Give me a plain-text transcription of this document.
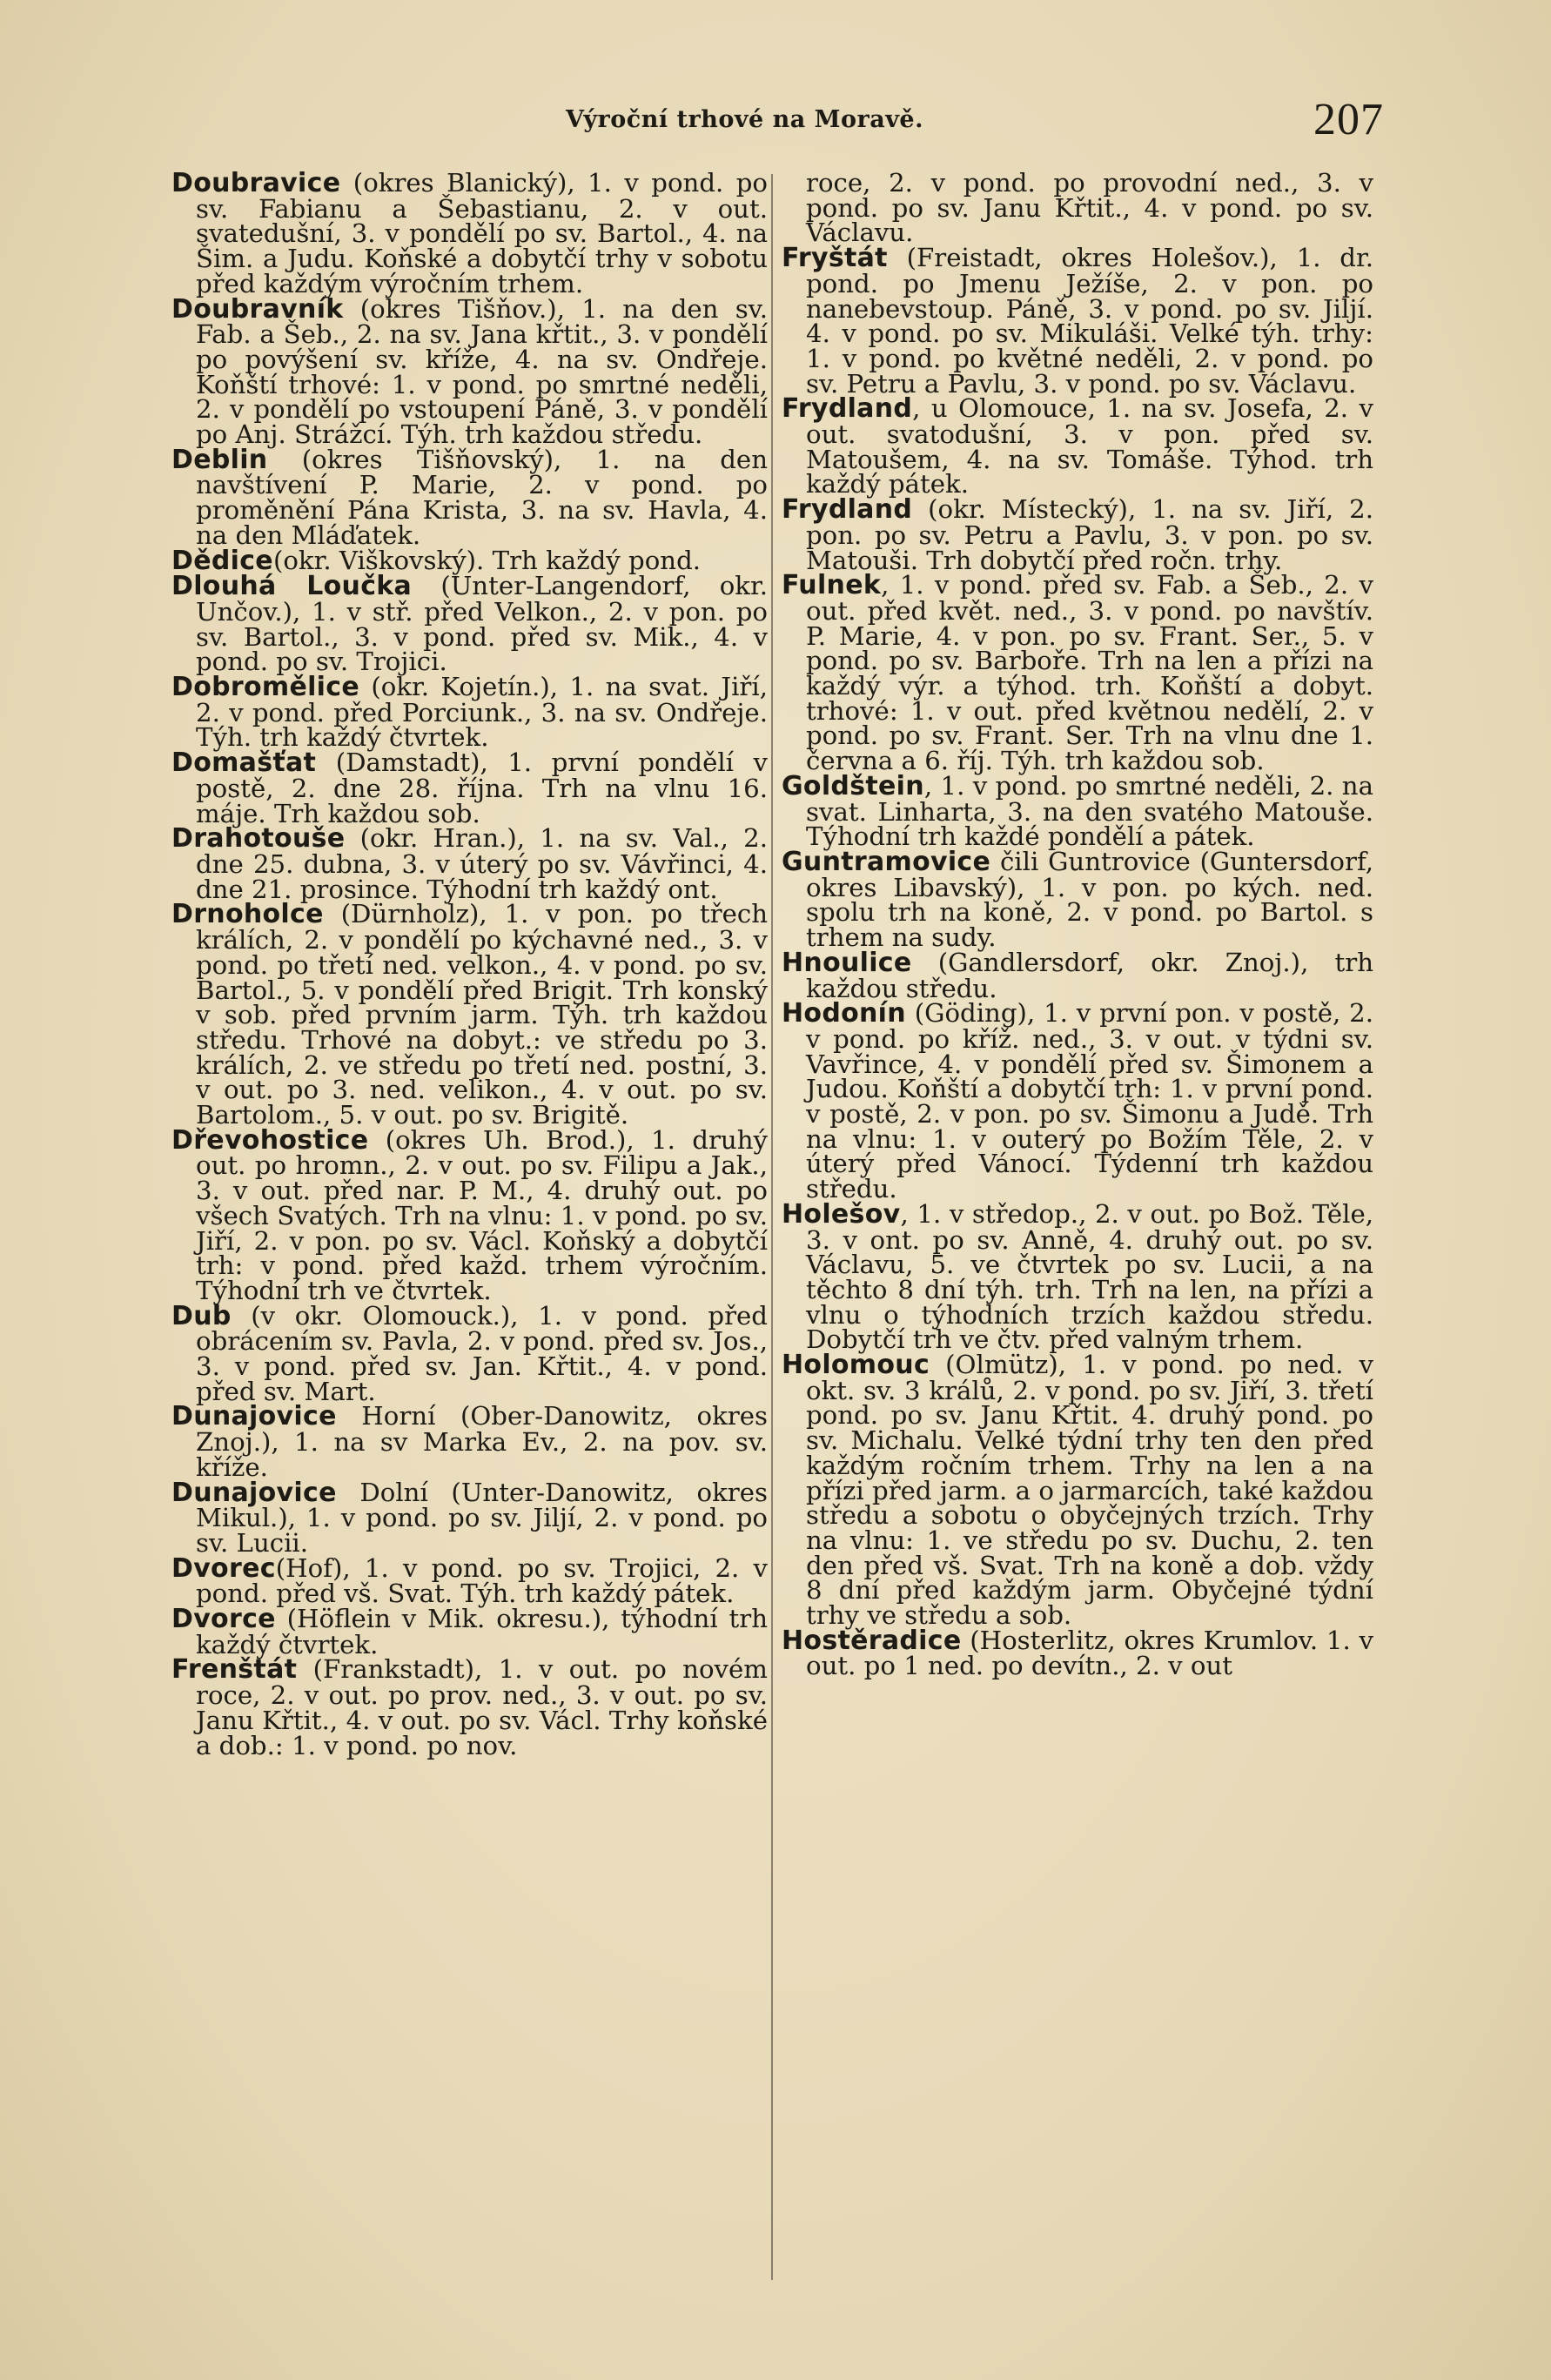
Výroční trhové na Moravě.	207

Doubravice (okres Blanický), 1. v pond. po sv. Fabianu a Šebastianu, 2. v out. svatedušní, 3. v pondělí po sv. Bartol., 4. na Šim. a Judu. Koňské a dobytčí trhy v sobotu před každým výročním trhem.

Doubravník (okres Tišňov.), 1. na den sv. Fab. a Šeb., 2. na sv. Jana křtit., 3. v pondělí po povýšení sv. kříže, 4. na sv. Ondřeje. Koňští trhové: 1. v pond. po smrtné neděli, 2. v pondělí po vstoupení Páně, 3. v pondělí po Anj. Strážcí. Týh. trh každou středu.

Deblin (okres Tišňovský), 1. na den navštívení P. Marie, 2. v pond. po proměnění Pána Krista, 3. na sv. Havla, 4. na den Mláďatek.

Dědice(okr. Viškovský). Trh každý pond.

Dlouhá Loučka (Unter-Langendorf, okr. Unčov.), 1. v stř. před Velkon., 2. v pon. po sv. Bartol., 3. v pond. před sv. Mik., 4. v pond. po sv. Trojici.

Dobromělice (okr. Kojetín.), 1. na svat. Jiří, 2. v pond. před Porciunk., 3. na sv. Ondřeje. Týh. trh každý čtvrtek.

Domašťat (Damstadt), 1. první pondělí v postě, 2. dne 28. října. Trh na vlnu 16. máje. Trh každou sob.

Drahotouše (okr. Hran.), 1. na sv. Val., 2. dne 25. dubna, 3. v úterý po sv. Vávřinci, 4. dne 21. prosince. Týhodní trh každý ont.

Drnoholce (Dürnholz), 1. v pon. po třech králích, 2. v pondělí po kýchavné ned., 3. v pond. po třetí ned. velkon., 4. v pond. po sv. Bartol., 5. v pondělí před Brigit. Trh konský v sob. před prvním jarm. Týh. trh každou středu. Trhové na dobyt.: ve středu po 3. králích, 2. ve středu po třetí ned. postní, 3. v out. po 3. ned. velikon., 4. v out. po sv. Bartolom., 5. v out. po sv. Brigitě.

Dřevohostice (okres Uh. Brod.), 1. druhý out. po hromn., 2. v out. po sv. Filipu a Jak., 3. v out. před nar. P. M., 4. druhý out. po všech Svatých. Trh na vlnu: 1. v pond. po sv. Jiří, 2. v pon. po sv. Václ. Koňský a dobytčí trh: v pond. před každ. trhem výročním. Týhodní trh ve čtvrtek.

Dub (v okr. Olomouck.), 1. v pond. před obrácením sv. Pavla, 2. v pond. před sv. Jos., 3. v pond. před sv. Jan. Křtit., 4. v pond. před sv. Mart.

Dunajovice Horní (Ober-Danowitz, okres Znoj.), 1. na sv Marka Ev., 2. na pov. sv. kříže.

Dunajovice Dolní (Unter-Danowitz, okres Mikul.), 1. v pond. po sv. Jiljí, 2. v pond. po sv. Lucii.

Dvorec(Hof), 1. v pond. po sv. Trojici, 2. v pond. před vš. Svat. Týh. trh každý pátek.

Dvorce (Höflein v Mik. okresu.), týhodní trh každý čtvrtek.

Frenštát (Frankstadt), 1. v out. po novém roce, 2. v out. po prov. ned., 3. v out. po sv. Janu Křtit., 4. v out. po sv. Václ. Trhy koňské a dob.: 1. v pond. po nov.

roce, 2. v pond. po provodní ned., 3. v pond. po sv. Janu Křtit., 4. v pond. po sv. Václavu.

Fryštát (Freistadt, okres Holešov.), 1. dr. pond. po Jmenu Ježíše, 2. v pon. po nanebevstoup. Páně, 3. v pond. po sv. Jiljí. 4. v pond. po sv. Mikuláši. Velké týh. trhy: 1. v pond. po květné neděli, 2. v pond. po sv. Petru a Pavlu, 3. v pond. po sv. Václavu.

Frydland, u Olomouce, 1. na sv. Josefa, 2. v out. svatodušní, 3. v pon. před sv. Matoušem, 4. na sv. Tomáše. Týhod. trh každý pátek.

Frydland (okr. Místecký), 1. na sv. Jiří, 2. pon. po sv. Petru a Pavlu, 3. v pon. po sv. Matouši. Trh dobytčí před ročn. trhy.

Fulnek, 1. v pond. před sv. Fab. a Šeb., 2. v out. před květ. ned., 3. v pond. po navštív. P. Marie, 4. v pon. po sv. Frant. Ser., 5. v pond. po sv. Barboře. Trh na len a přízi na každý výr. a týhod. trh. Koňští a dobyt. trhové: 1. v out. před květnou nedělí, 2. v pond. po sv. Frant. Ser. Trh na vlnu dne 1. června a 6. říj. Týh. trh každou sob.

Goldštein, 1. v pond. po smrtné neděli, 2. na svat. Linharta, 3. na den svatého Matouše. Týhodní trh každé pondělí a pátek.

Guntramovice čili Guntrovice (Guntersdorf, okres Libavský), 1. v pon. po kých. ned. spolu trh na koně, 2. v pond. po Bartol. s trhem na sudy.

Hnoulice (Gandlersdorf, okr. Znoj.), trh každou středu.

Hodonín (Göding), 1. v první pon. v postě, 2. v pond. po kříž. ned., 3. v out. v týdni sv. Vavřince, 4. v pondělí před sv. Šimonem a Judou. Koňští a dobytčí trh: 1. v první pond. v postě, 2. v pon. po sv. Šimonu a Judě. Trh na vlnu: 1. v outerý po Božím Těle, 2. v úterý před Vánocí. Týdenní trh každou středu.

Holešov, 1. v středop., 2. v out. po Bož. Těle, 3. v ont. po sv. Anně, 4. druhý out. po sv. Václavu, 5. ve čtvrtek po sv. Lucii, a na těchto 8 dní týh. trh. Trh na len, na přízi a vlnu o týhodních trzích každou středu. Dobytčí trh ve čtv. před valným trhem.

Holomouc (Olmütz), 1. v pond. po ned. v okt. sv. 3 králů, 2. v pond. po sv. Jiří, 3. třetí pond. po sv. Janu Křtit. 4. druhý pond. po sv. Michalu. Velké týdní trhy ten den před každým ročním trhem. Trhy na len a na přízi před jarm. a o jarmarcích, také každou středu a sobotu o obyčejných trzích. Trhy na vlnu: 1. ve středu po sv. Duchu, 2. ten den před vš. Svat. Trh na koně a dob. vždy 8 dní před každým jarm. Obyčejné týdní trhy ve středu a sob.

Hostěradice (Hosterlitz, okres Krumlov. 1. v out. po 1 ned. po devítn., 2. v out
